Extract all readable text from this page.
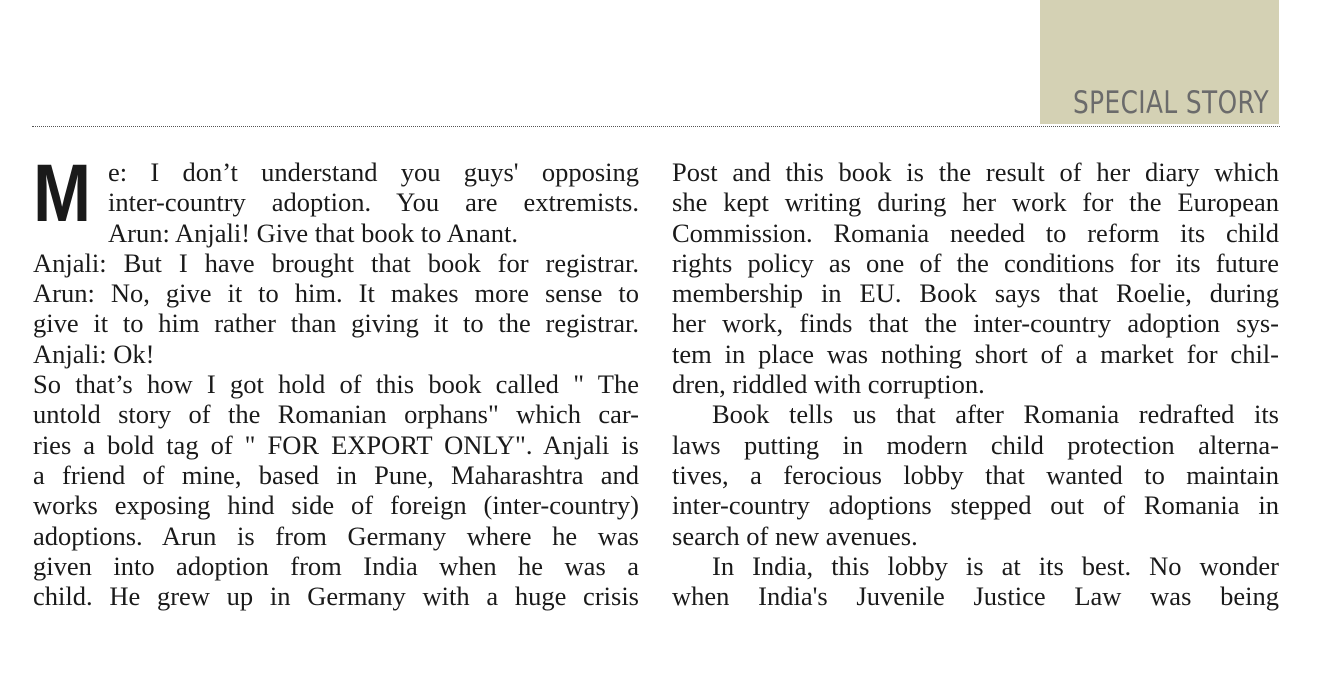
SPECIAL STORY
M e: I don’t understand you guys' opposing
inter-country adoption. You are extremists.
Arun: Anjali! Give that book to Anant.
Anjali: But I have brought that book for registrar.
Arun: No, give it to him. It makes more sense to
give it to him rather than giving it to the registrar.
Anjali: Ok!
So that’s how I got hold of this book called " The
untold story of the Romanian orphans" which car-
ries a bold tag of " FOR EXPORT ONLY". Anjali is
a friend of mine, based in Pune, Maharashtra and
works exposing hind side of foreign (inter-country)
adoptions. Arun is from Germany where he was
given into adoption from India when he was a
child. He grew up in Germany with a huge crisis
Post and this book is the result of her diary which
she kept writing during her work for the European
Commission. Romania needed to reform its child
rights policy as one of the conditions for its future
membership in EU. Book says that Roelie, during
her work, finds that the inter-country adoption sys-
tem in place was nothing short of a market for chil-
dren, riddled with corruption.
Book tells us that after Romania redrafted its
laws putting in modern child protection alterna-
tives, a ferocious lobby that wanted to maintain
inter-country adoptions stepped out of Romania in
search of new avenues.
In India, this lobby is at its best. No wonder
when India's Juvenile Justice Law was being
